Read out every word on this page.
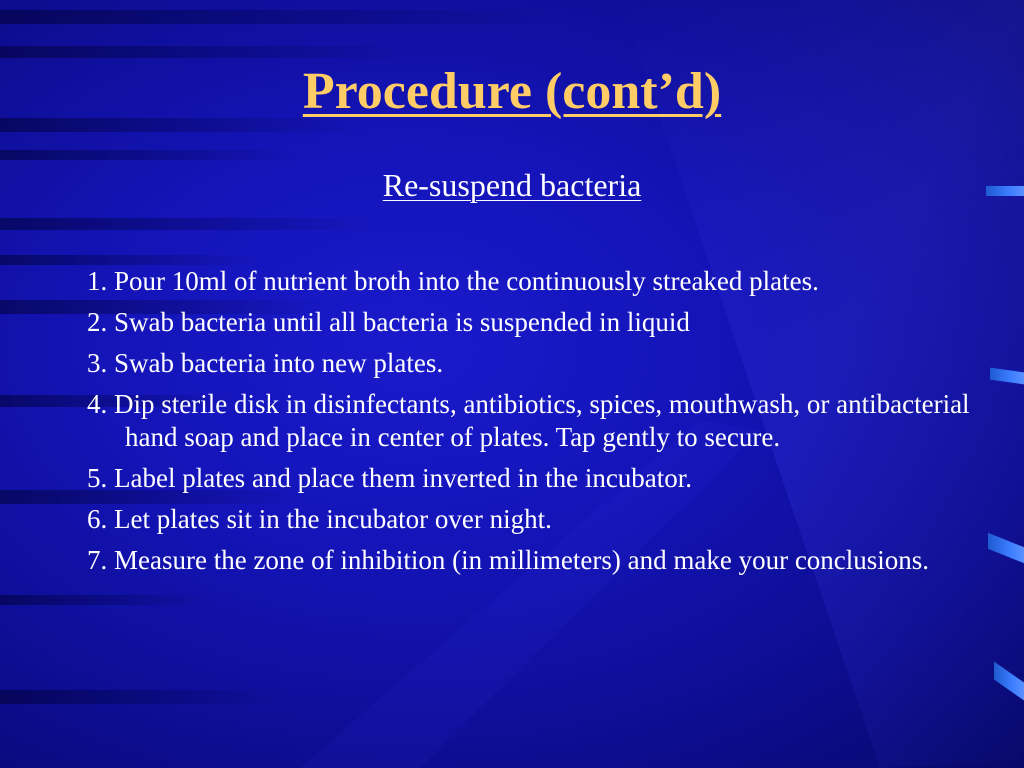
Procedure (cont’d)
Re-suspend bacteria
1. Pour 10ml of nutrient broth into the continuously streaked plates.
2. Swab bacteria until all bacteria is suspended in liquid
3. Swab bacteria into new plates.
4. Dip sterile disk in disinfectants, antibiotics, spices, mouthwash, or antibacterial hand soap and place in center of plates. Tap gently to secure.
5. Label plates and place them inverted in the incubator.
6. Let plates sit in the incubator over night.
7. Measure the zone of inhibition (in millimeters) and make your conclusions.
